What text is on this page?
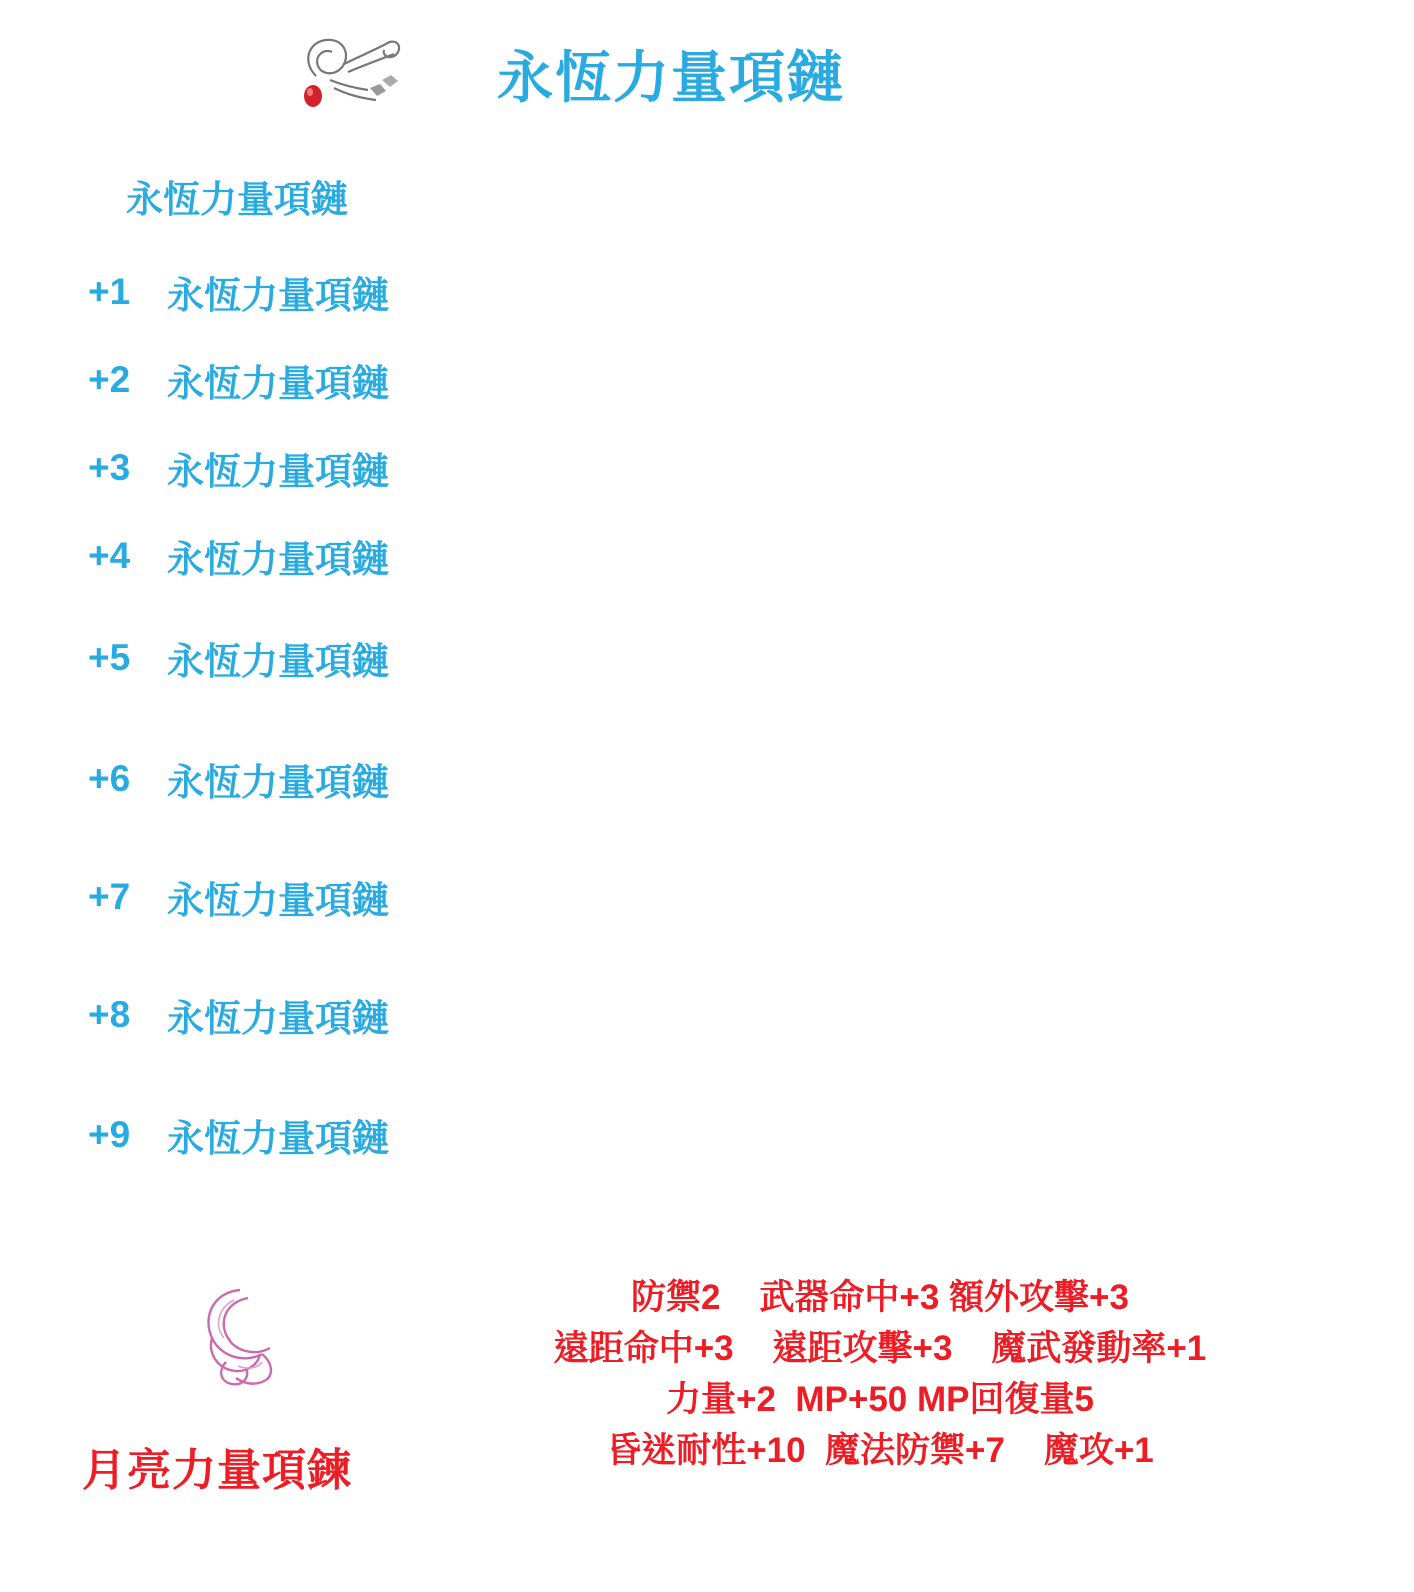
永恆力量項鏈
永恆力量項鏈
+1 永恆力量項鏈
+2 永恆力量項鏈
+3 永恆力量項鏈
+4 永恆力量項鏈
+5 永恆力量項鏈
+6 永恆力量項鏈
+7 永恆力量項鏈
+8 永恆力量項鏈
+9 永恆力量項鏈
月亮力量項鍊
防禦2    武器命中+3 額外攻擊+3
遠距命中+3    遠距攻擊+3    魔武發動率+1
力量+2  MP+50 MP回復量5
昏迷耐性+10  魔法防禦+7    魔攻+1
